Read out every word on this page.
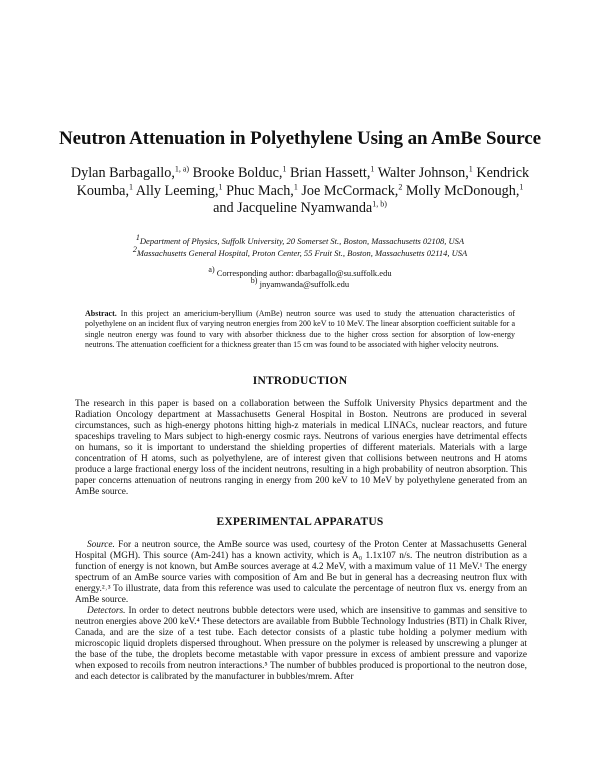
Neutron Attenuation in Polyethylene Using an AmBe Source
Dylan Barbagallo,$^{1, a)}$ Brooke Bolduc,$^1$ Brian Hassett,$^1$ Walter Johnson,$^1$ Kendrick
Koumba,$^1$ Ally Leeming,$^1$ Phuc Mach,$^1$ Joe McCormack,$^2$ Molly McDonough,$^1$
and Jacqueline Nyamwanda$^{1, b)}$
$^1$Department of Physics, Suffolk University, 20 Somerset St., Boston, Massachusetts 02108, USA
$^2$Massachusetts General Hospital, Proton Center, 55 Fruit St., Boston, Massachusetts 02114, USA
$^{a)}$ Corresponding author: dbarbagallo@su.suffolk.edu
$^{b)}$ jnyamwanda@suffolk.edu
Abstract. In this project an americium-beryllium (AmBe) neutron source was used to study the attenuation characteristics of polyethylene on an incident flux of varying neutron energies from 200 keV to 10 MeV. The linear absorption coefficient suitable for a single neutron energy was found to vary with absorber thickness due to the higher cross section for absorption of low-energy neutrons. The attenuation coefficient for a thickness greater than 15 cm was found to be associated with higher velocity neutrons.
INTRODUCTION

The research in this paper is based on a collaboration between the Suffolk University Physics department and the Radiation Oncology department at Massachusetts General Hospital in Boston. Neutrons are produced in several circumstances, such as high-energy photons hitting high-z materials in medical LINACs, nuclear reactors, and future spaceships traveling to Mars subject to high-energy cosmic rays. Neutrons of various energies have detrimental effects on humans, so it is important to understand the shielding properties of different materials. Materials with a large concentration of H atoms, such as polyethylene, are of interest given that collisions between neutrons and H atoms produce a large fractional energy loss of the incident neutrons, resulting in a high probability of neutron absorption. This paper concerns attenuation of neutrons ranging in energy from 200 keV to 10 MeV by polyethylene generated from an AmBe source.

EXPERIMENTAL APPARATUS

Source. For a neutron source, the AmBe source was used, courtesy of the Proton Center at Massachusetts General Hospital (MGH). This source (Am-241) has a known activity, which is A₀ 1.1x107 n/s. The neutron distribution as a function of energy is not known, but AmBe sources average at 4.2 MeV, with a maximum value of 11 MeV.¹ The energy spectrum of an AmBe source varies with composition of Am and Be but in general has a decreasing neutron flux with energy.²˒³ To illustrate, data from this reference was used to calculate the percentage of neutron flux vs. energy from an AmBe source.

Detectors. In order to detect neutrons bubble detectors were used, which are insensitive to gammas and sensitive to neutron energies above 200 keV.⁴ These detectors are available from Bubble Technology Industries (BTI) in Chalk River, Canada, and are the size of a test tube. Each detector consists of a plastic tube holding a polymer medium with microscopic liquid droplets dispersed throughout. When pressure on the polymer is released by unscrewing a plunger at the base of the tube, the droplets become metastable with vapor pressure in excess of ambient pressure and vaporize when exposed to recoils from neutron interactions.⁵ The number of bubbles produced is proportional to the neutron dose, and each detector is calibrated by the manufacturer in bubbles/mrem. After
